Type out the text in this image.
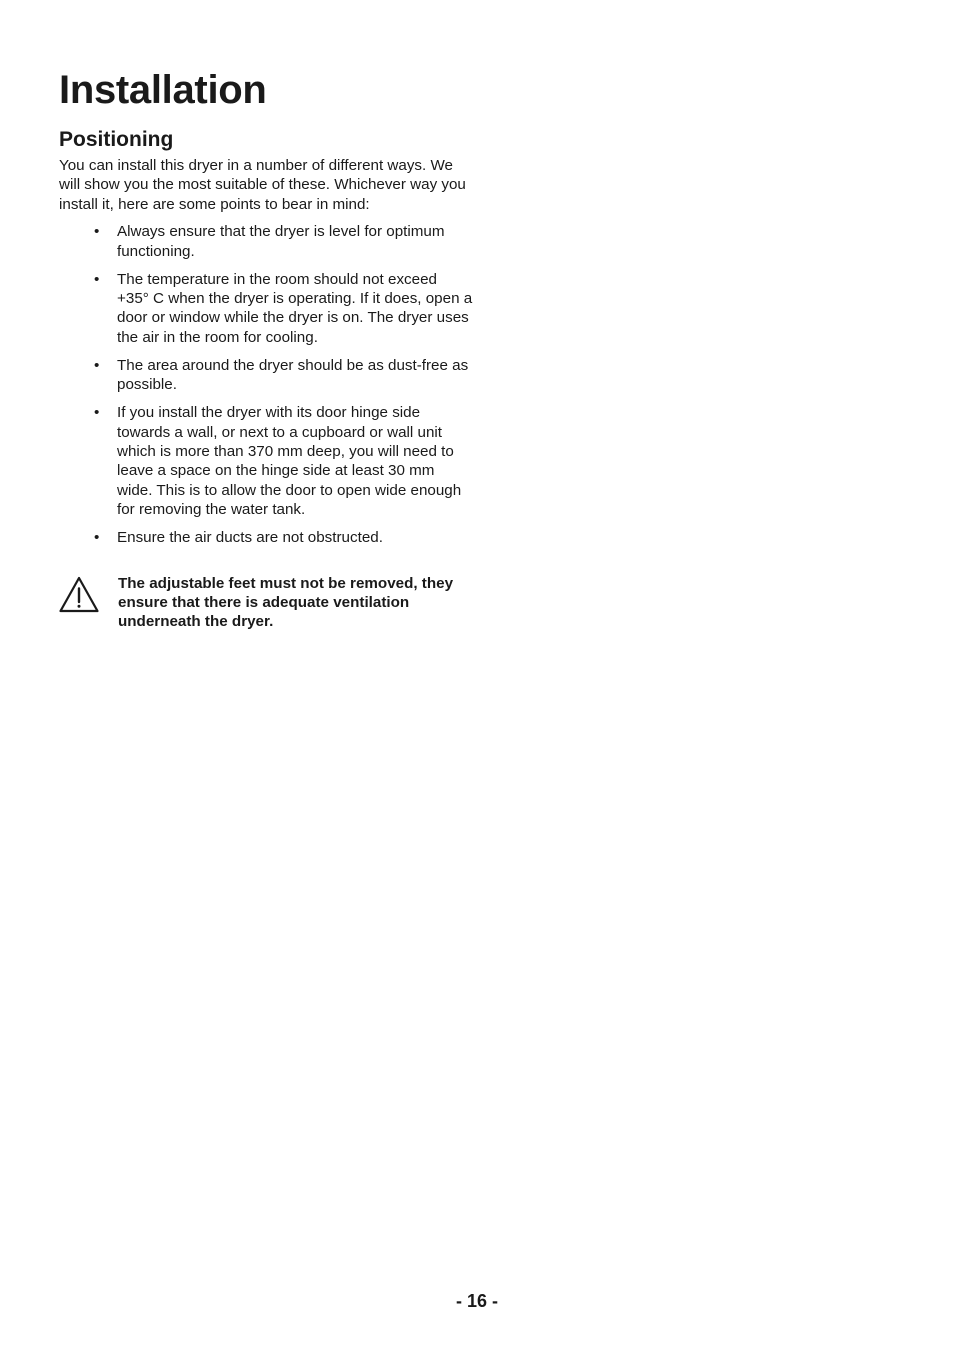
Installation
Positioning

You can install this dryer in a number of different ways. We will show you the most suitable of these. Whichever way you install it, here are some points to bear in mind:

• Always ensure that the dryer is level for optimum functioning.
• The temperature in the room should not exceed +35° C when the dryer is operating. If it does, open a door or window while the dryer is on. The dryer uses the air in the room for cooling.
• The area around the dryer should be as dust-free as possible.
• If you install the dryer with its door hinge side towards a wall, or next to a cupboard or wall unit which is more than 370 mm deep, you will need to leave a space on the hinge side at least 30 mm wide. This is to allow the door to open wide enough for removing the water tank.
• Ensure the air ducts are not obstructed.

The adjustable feet must not be removed, they ensure that there is adequate ventilation underneath the dryer.

- 16 -
